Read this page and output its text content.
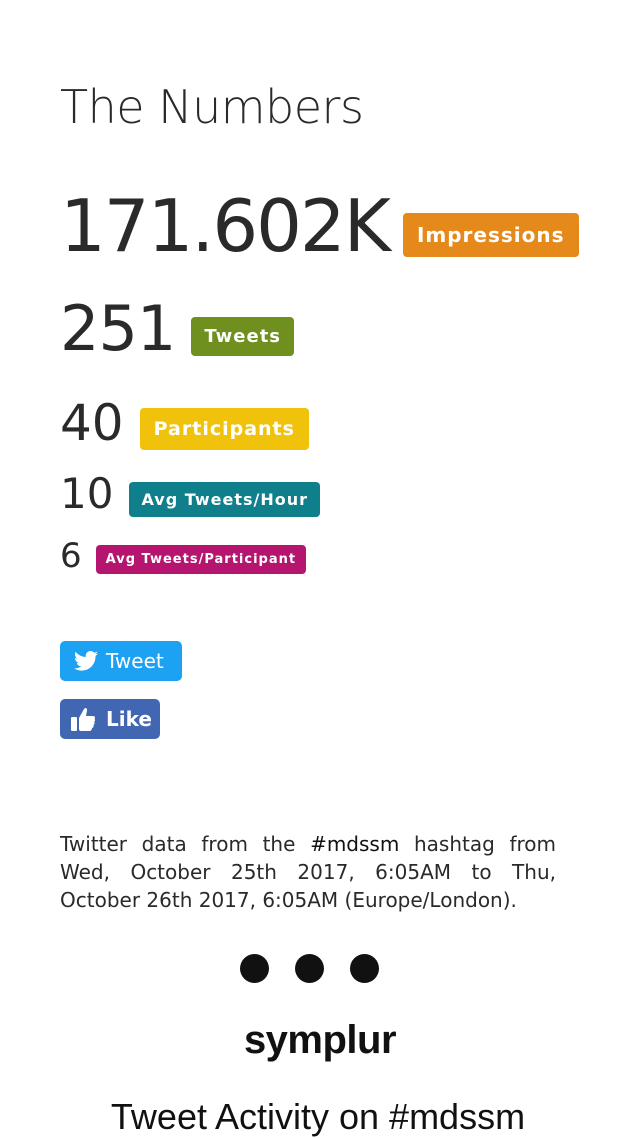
The Numbers
171.602K	Impressions
251	Tweets
40	Participants
10	Avg Tweets/Hour
6	Avg Tweets/Participant
Tweet
Like

Twitter data from the #mdssm hashtag from Wed, October 25th 2017, 6:05AM to Thu, October 26th 2017, 6:05AM (Europe/London).

symplur
Tweet Activity on #mdssm
